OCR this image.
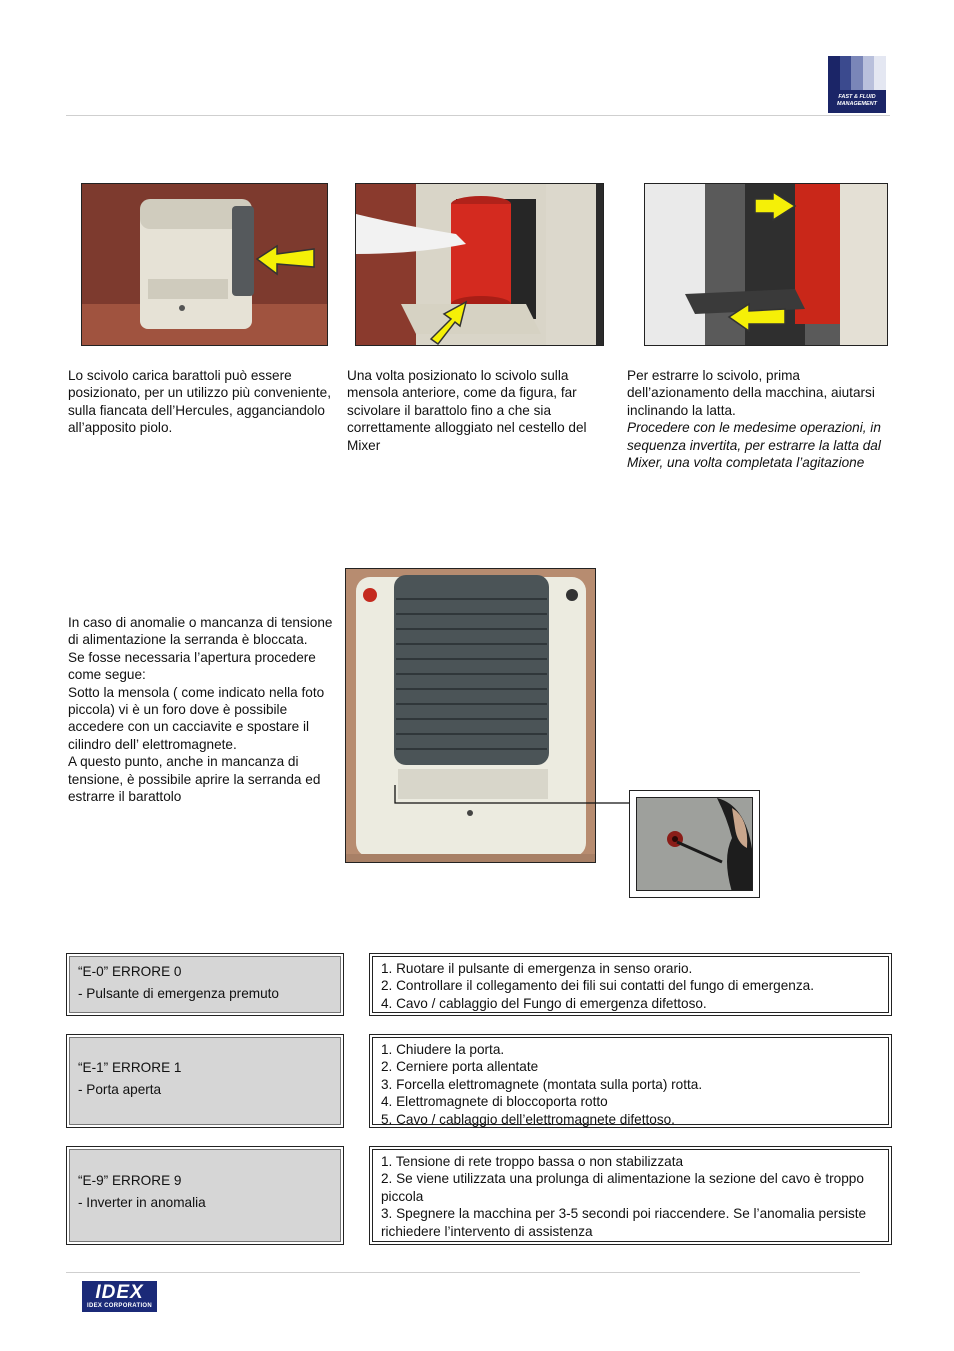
FAST & FLUID MANAGEMENT
Lo scivolo carica barattoli può essere posizionato, per un utilizzo più conveniente, sulla fiancata dell’Hercules, agganciandolo all’apposito piolo.
Una volta posizionato lo scivolo sulla mensola anteriore, come da figura, far scivolare il barattolo fino a che sia correttamente alloggiato nel cestello del Mixer

Per estrarre lo scivolo, prima dell’azionamento della macchina, aiutarsi inclinando la latta.

Procedere con le medesime operazioni, in sequenza invertita, per estrarre la latta dal Mixer, una volta completata l’agitazione

In caso di anomalie o mancanza di tensione di alimentazione la serranda è bloccata.

Se fosse necessaria l’apertura procedere come segue:

Sotto la mensola ( come indicato nella foto piccola) vi è un foro dove è possibile accedere con un cacciavite e spostare il cilindro dell’ elettromagnete.

A questo punto, anche in mancanza di tensione, è possibile aprire la serranda ed estrarre il barattolo

“E-0” ERRORE 0
- Pulsante di emergenza premuto
1. Ruotare il pulsante di emergenza in senso orario.
2. Controllare il collegamento dei fili sui contatti del fungo di emergenza.
4. Cavo / cablaggio del Fungo di emergenza difettoso.
“E-1” ERRORE 1
- Porta aperta
1. Chiudere la porta.
2. Cerniere porta allentate
3. Forcella elettromagnete (montata sulla porta) rotta.
4. Elettromagnete di bloccoporta rotto
5. Cavo / cablaggio dell’elettromagnete difettoso.
“E-9” ERRORE 9
- Inverter in anomalia
1. Tensione di rete troppo bassa o non stabilizzata
2. Se viene utilizzata una prolunga di alimentazione la sezione del cavo è troppo piccola
3. Spegnere la macchina per 3-5 secondi poi riaccendere. Se l’anomalia persiste richiedere l’intervento di assistenza
IDEX
IDEX CORPORATION
